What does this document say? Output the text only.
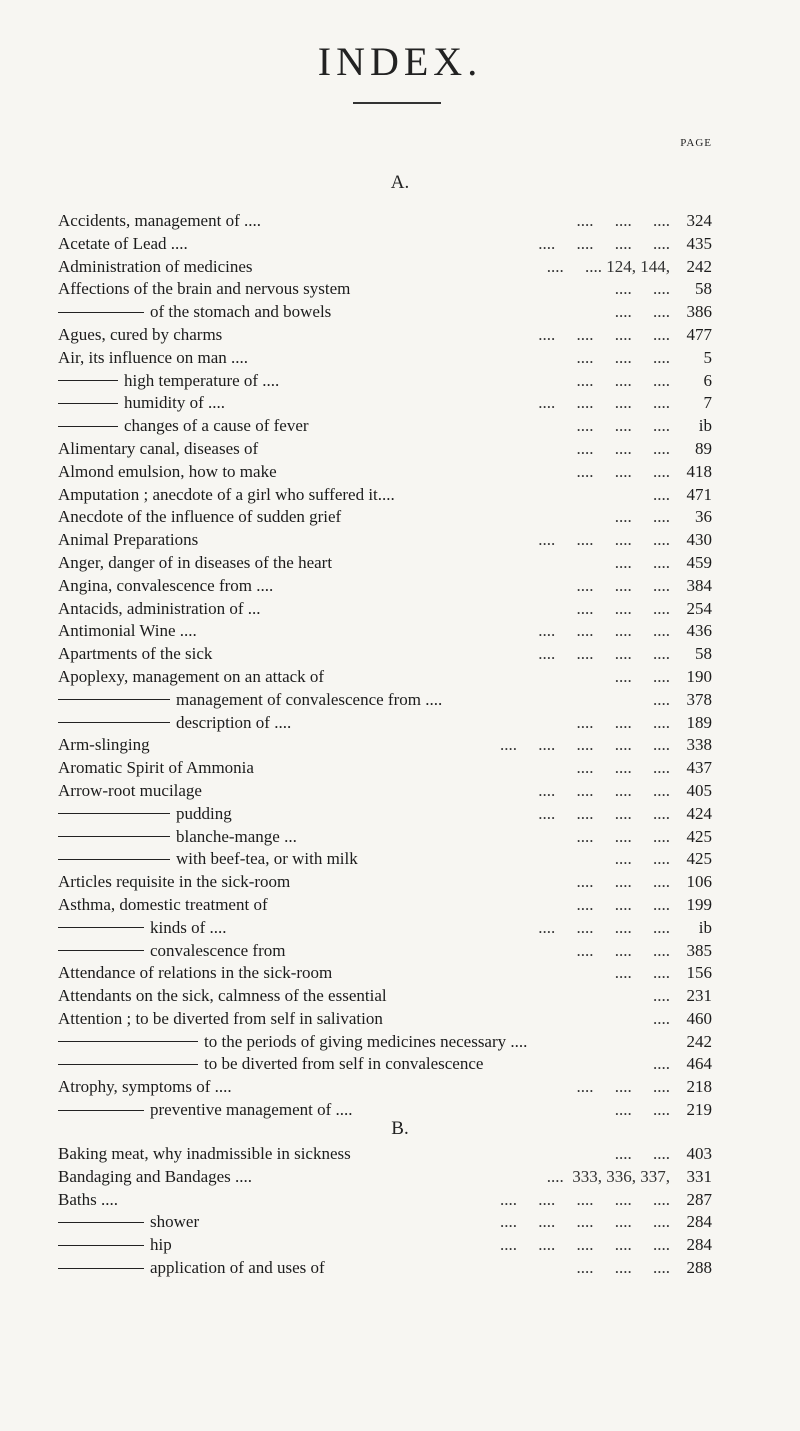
INDEX.
A.
PAGE
Accidents, management of ....	....     ....     .... 324
Acetate of Lead ....	....     ....     ....     .... 435
Administration of medicines	....     .... 124, 144, 242
Affections of the brain and nervous system	....     .... 58
of the stomach and bowels	....     .... 386
Agues, cured by charms	....     ....     ....     .... 477
Air, its influence on man ....	....     ....     .... 5
high temperature of ....	....     ....     .... 6
humidity of ....	....     ....     ....     .... 7
changes of a cause of fever	....     ....     .... ib
Alimentary canal, diseases of	....     ....     .... 89
Almond emulsion, how to make	....     ....     .... 418
Amputation ; anecdote of a girl who suffered it....	.... 471
Anecdote of the influence of sudden grief	....     .... 36
Animal Preparations	....     ....     ....     .... 430
Anger, danger of in diseases of the heart	....     .... 459
Angina, convalescence from ....	....     ....     .... 384
Antacids, administration of ...	....     ....     .... 254
Antimonial Wine ....	....     ....     ....     .... 436
Apartments of the sick	....     ....     ....     .... 58
Apoplexy, management on an attack of	....     .... 190
management of convalescence from ....	.... 378
description of ....	....     ....     .... 189
Arm-slinging	....     ....     ....     ....     .... 338
Aromatic Spirit of Ammonia	....     ....     .... 437
Arrow-root mucilage	....     ....     ....     .... 405
pudding	....     ....     ....     .... 424
blanche-mange ...	....     ....     .... 425
with beef-tea, or with milk	....     .... 425
Articles requisite in the sick-room	....     ....     .... 106
Asthma, domestic treatment of	....     ....     .... 199
kinds of ....	....     ....     ....     .... ib
convalescence from	....     ....     .... 385
Attendance of relations in the sick-room	....     .... 156
Attendants on the sick, calmness of the essential	.... 231
Attention ; to be diverted from self in salivation	.... 460
to the periods of giving medicines necessary ....	242
to be diverted from self in convalescence	.... 464
Atrophy, symptoms of ....	....     ....     .... 218
preventive management of ....	....     .... 219
B.
Baking meat, why inadmissible in sickness	....     .... 403
Bandaging and Bandages ....	....  333, 336, 337, 331
Baths ....	....     ....     ....     ....     .... 287
shower	....     ....     ....     ....     .... 284
hip	....     ....     ....     ....     .... 284
application of and uses of	....     ....     .... 288
